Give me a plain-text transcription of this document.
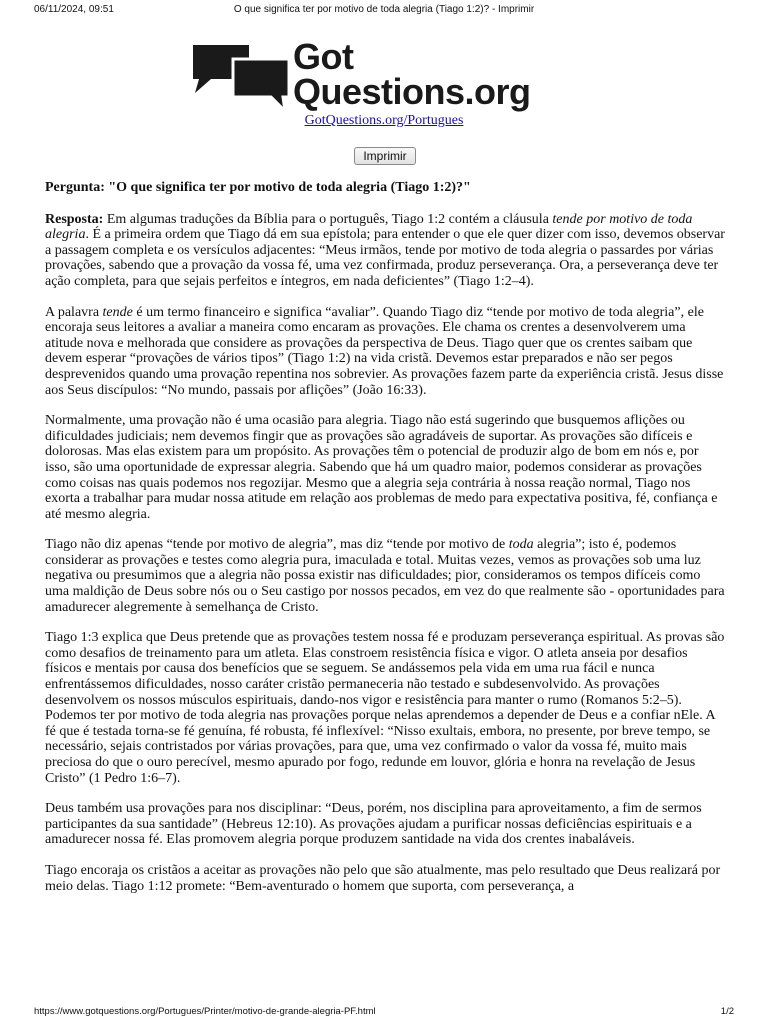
06/11/2024, 09:51	O que significa ter por motivo de toda alegria (Tiago 1:2)? - Imprimir
Got
Questions.org
GotQuestions.org/Portugues
Imprimir

Pergunta: "O que significa ter por motivo de toda alegria (Tiago 1:2)?"

Resposta: Em algumas traduções da Bíblia para o português, Tiago 1:2 contém a cláusula tende por motivo de toda alegria. É a primeira ordem que Tiago dá em sua epístola; para entender o que ele quer dizer com isso, devemos observar a passagem completa e os versículos adjacentes: “Meus irmãos, tende por motivo de toda alegria o passardes por várias provações, sabendo que a provação da vossa fé, uma vez confirmada, produz perseverança. Ora, a perseverança deve ter ação completa, para que sejais perfeitos e íntegros, em nada deficientes” (Tiago 1:2–4).

A palavra tende é um termo financeiro e significa “avaliar”. Quando Tiago diz “tende por motivo de toda alegria”, ele encoraja seus leitores a avaliar a maneira como encaram as provações. Ele chama os crentes a desenvolverem uma atitude nova e melhorada que considere as provações da perspectiva de Deus. Tiago quer que os crentes saibam que devem esperar “provações de vários tipos” (Tiago 1:2) na vida cristã. Devemos estar preparados e não ser pegos desprevenidos quando uma provação repentina nos sobrevier. As provações fazem parte da experiência cristã. Jesus disse aos Seus discípulos: “No mundo, passais por aflições” (João 16:33).

Normalmente, uma provação não é uma ocasião para alegria. Tiago não está sugerindo que busquemos aflições ou dificuldades judiciais; nem devemos fingir que as provações são agradáveis de suportar. As provações são difíceis e dolorosas. Mas elas existem para um propósito. As provações têm o potencial de produzir algo de bom em nós e, por isso, são uma oportunidade de expressar alegria. Sabendo que há um quadro maior, podemos considerar as provações como coisas nas quais podemos nos regozijar. Mesmo que a alegria seja contrária à nossa reação normal, Tiago nos exorta a trabalhar para mudar nossa atitude em relação aos problemas de medo para expectativa positiva, fé, confiança e até mesmo alegria.

Tiago não diz apenas “tende por motivo de alegria”, mas diz “tende por motivo de toda alegria”; isto é, podemos considerar as provações e testes como alegria pura, imaculada e total. Muitas vezes, vemos as provações sob uma luz negativa ou presumimos que a alegria não possa existir nas dificuldades; pior, consideramos os tempos difíceis como uma maldição de Deus sobre nós ou o Seu castigo por nossos pecados, em vez do que realmente são - oportunidades para amadurecer alegremente à semelhança de Cristo.

Tiago 1:3 explica que Deus pretende que as provações testem nossa fé e produzam perseverança espiritual. As provas são como desafios de treinamento para um atleta. Elas constroem resistência física e vigor. O atleta anseia por desafios físicos e mentais por causa dos benefícios que se seguem. Se andássemos pela vida em uma rua fácil e nunca enfrentássemos dificuldades, nosso caráter cristão permaneceria não testado e subdesenvolvido. As provações desenvolvem os nossos músculos espirituais, dando-nos vigor e resistência para manter o rumo (Romanos 5:2–5). Podemos ter por motivo de toda alegria nas provações porque nelas aprendemos a depender de Deus e a confiar nEle. A fé que é testada torna-se fé genuína, fé robusta, fé inflexível: “Nisso exultais, embora, no presente, por breve tempo, se necessário, sejais contristados por várias provações, para que, uma vez confirmado o valor da vossa fé, muito mais preciosa do que o ouro perecível, mesmo apurado por fogo, redunde em louvor, glória e honra na revelação de Jesus Cristo” (1 Pedro 1:6–7).

Deus também usa provações para nos disciplinar: “Deus, porém, nos disciplina para aproveitamento, a fim de sermos participantes da sua santidade” (Hebreus 12:10). As provações ajudam a purificar nossas deficiências espirituais e a amadurecer nossa fé. Elas promovem alegria porque produzem santidade na vida dos crentes inabaláveis.

Tiago encoraja os cristãos a aceitar as provações não pelo que são atualmente, mas pelo resultado que Deus realizará por meio delas. Tiago 1:12 promete: “Bem-aventurado o homem que suporta, com perseverança, a

https://www.gotquestions.org/Portugues/Printer/motivo-de-grande-alegria-PF.html	1/2
